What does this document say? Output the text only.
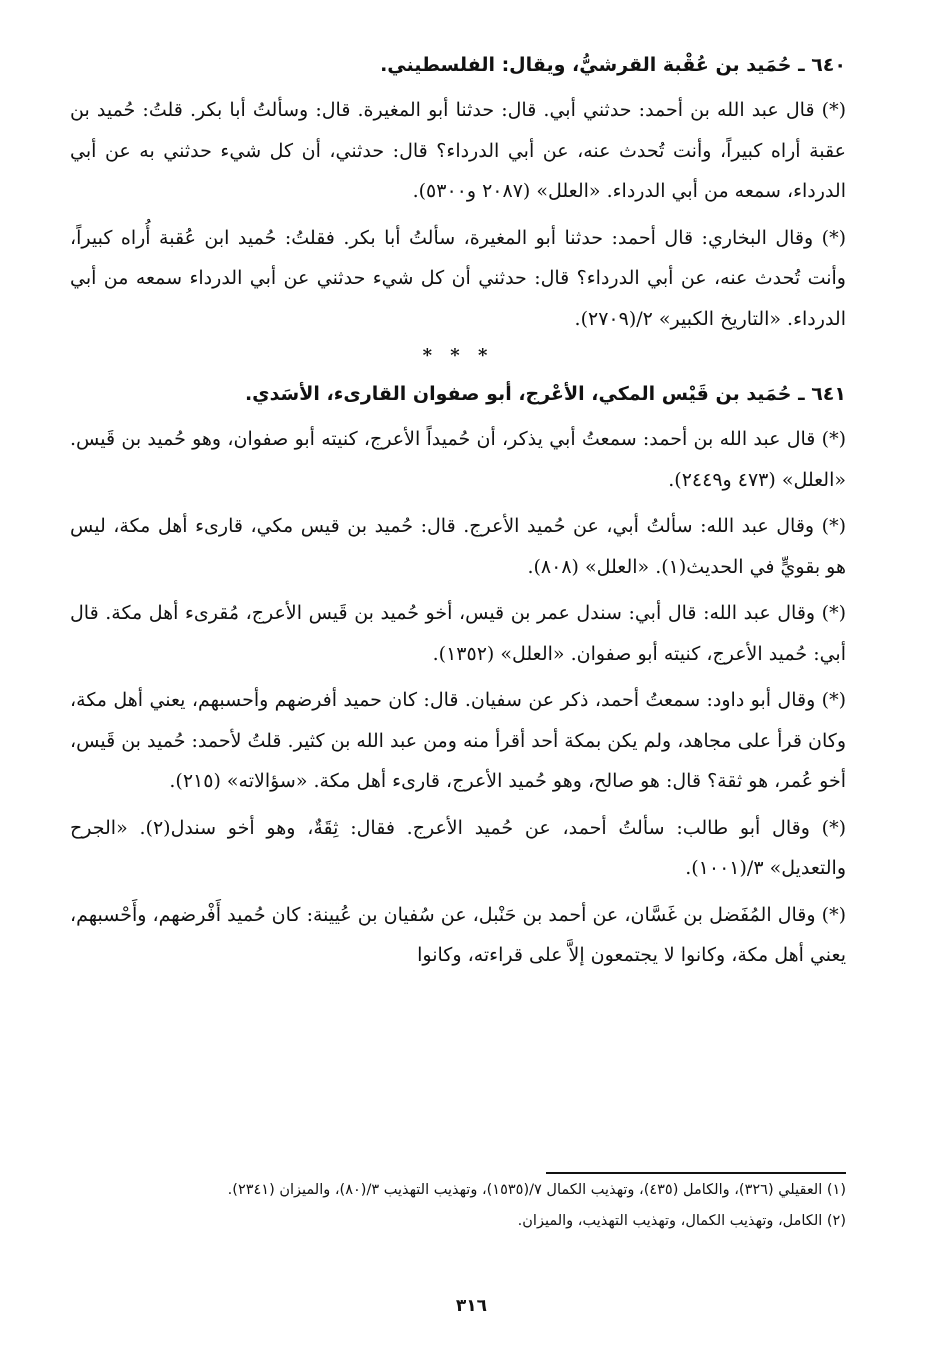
٦٤٠ ـ حُمَيد بن عُقْبة القرشيُّ، ويقال: الفلسطيني.

(*) قال عبد الله بن أحمد: حدثني أبي. قال: حدثنا أبو المغيرة. قال: وسألتُ أبا بكر. قلتُ: حُميد بن عقبة أراه كبيراً، وأنت تُحدث عنه، عن أبي الدرداء؟ قال: حدثني، أن كل شيء حدثني به عن أبي الدرداء، سمعه من أبي الدرداء. «العلل» (٢٠٨٧ و٥٣٠٠).

(*) وقال البخاري: قال أحمد: حدثنا أبو المغيرة، سألتُ أبا بكر. فقلتُ: حُميد ابن عُقبة أُراه كبيراً، وأنت تُحدث عنه، عن أبي الدرداء؟ قال: حدثني أن كل شيء حدثني عن أبي الدرداء سمعه من أبي الدرداء. «التاريخ الكبير» ٢/(٢٧٠٩).

* * *
٦٤١ ـ حُمَيد بن قَيْس المكي، الأعْرج، أبو صفوان القارىء، الأسَدي.

(*) قال عبد الله بن أحمد: سمعتُ أبي يذكر، أن حُميداً الأعرج، كنيته أبو صفوان، وهو حُميد بن قَيس. «العلل» (٤٧٣ و٢٤٤٩).

(*) وقال عبد الله: سألتُ أبي، عن حُميد الأعرج. قال: حُميد بن قيس مكي، قارىء أهل مكة، ليس هو بقويٍّ في الحديث(١). «العلل» (٨٠٨).

(*) وقال عبد الله: قال أبي: سندل عمر بن قيس، أخو حُميد بن قَيس الأعرج، مُقرىء أهل مكة. قال أبي: حُميد الأعرج، كنيته أبو صفوان. «العلل» (١٣٥٢).

(*) وقال أبو داود: سمعتُ أحمد، ذكر عن سفيان. قال: كان حميد أفرضهم وأحسبهم، يعني أهل مكة، وكان قرأ على مجاهد، ولم يكن بمكة أحد أقرأ منه ومن عبد الله بن كثير. قلتُ لأحمد: حُميد بن قَيس، أخو عُمر، هو ثقة؟ قال: هو صالح، وهو حُميد الأعرج، قارىء أهل مكة. «سؤالاته» (٢١٥).

(*) وقال أبو طالب: سألتُ أحمد، عن حُميد الأعرج. فقال: ثِقَةٌ، وهو أخو سندل(٢). «الجرح والتعديل» ٣/(١٠٠١).

(*) وقال المُفَضل بن غَسَّان، عن أحمد بن حَنْبل، عن سُفيان بن عُيينة: كان حُميد أَفْرضهم، وأَحْسبهم، يعني أهل مكة، وكانوا لا يجتمعون إلاَّ على قراءته، وكانوا

(١) العقيلي (٣٢٦)، والكامل (٤٣٥)، وتهذيب الكمال ٧/(١٥٣٥)، وتهذيب التهذيب ٣/(٨٠)، والميزان (٢٣٤١).

(٢) الكامل، وتهذيب الكمال، وتهذيب التهذيب، والميزان.

٣١٦
